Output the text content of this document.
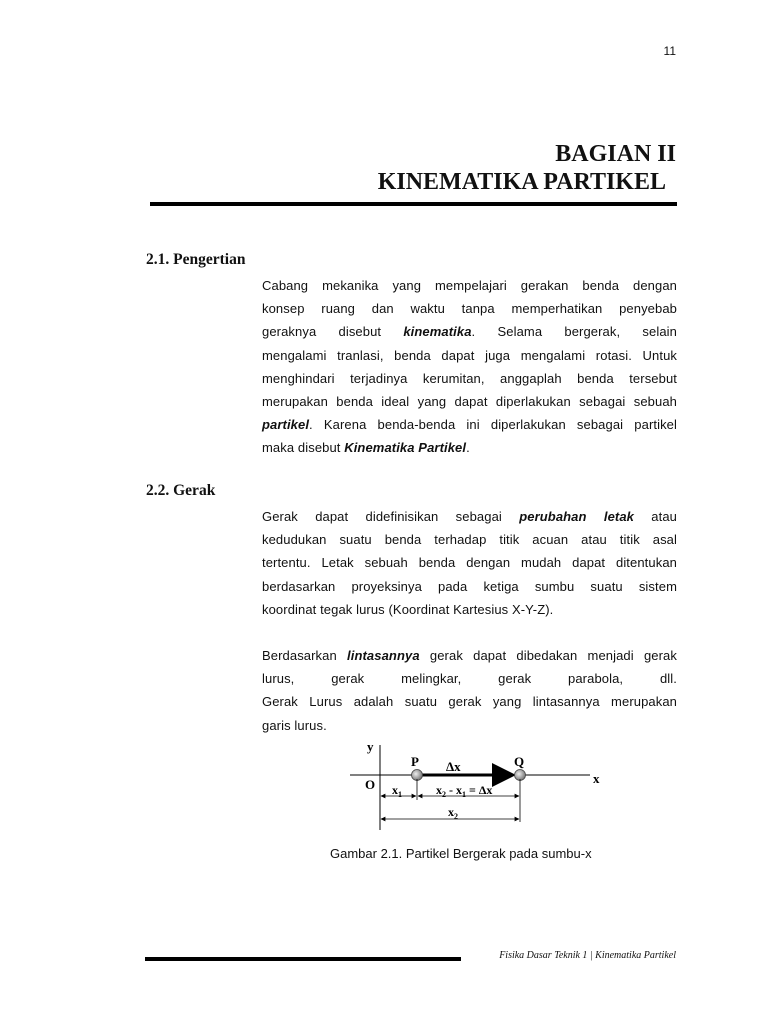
11
BAGIAN II

KINEMATIKA PARTIKEL
2.1. Pengertian
Cabang mekanika yang mempelajari gerakan benda dengan
konsep ruang dan waktu tanpa memperhatikan penyebab
geraknya disebut kinematika. Selama bergerak, selain
mengalami tranlasi, benda dapat juga mengalami rotasi. Untuk
menghindari terjadinya kerumitan, anggaplah benda tersebut
merupakan benda ideal yang dapat diperlakukan sebagai sebuah
partikel. Karena benda-benda ini diperlakukan sebagai partikel
maka disebut Kinematika Partikel.
2.2. Gerak
Gerak dapat didefinisikan sebagai perubahan letak atau
kedudukan suatu benda terhadap titik acuan atau titik asal
tertentu. Letak sebuah benda dengan mudah dapat ditentukan
berdasarkan proyeksinya pada ketiga sumbu suatu sistem
koordinat tegak lurus (Koordinat Kartesius X-Y-Z).
Berdasarkan lintasannya gerak dapat dibedakan menjadi gerak
lurus, gerak melingkar, gerak parabola, dll.
Gerak Lurus adalah suatu gerak yang lintasannya merupakan
garis lurus.
y
x
O
P	Q
Δx
$x_1$	$x_2 - x_1 = \Delta x$
$x_2$
Gambar 2.1. Partikel Bergerak pada sumbu-x
Fisika Dasar Teknik 1 | Kinematika Partikel
